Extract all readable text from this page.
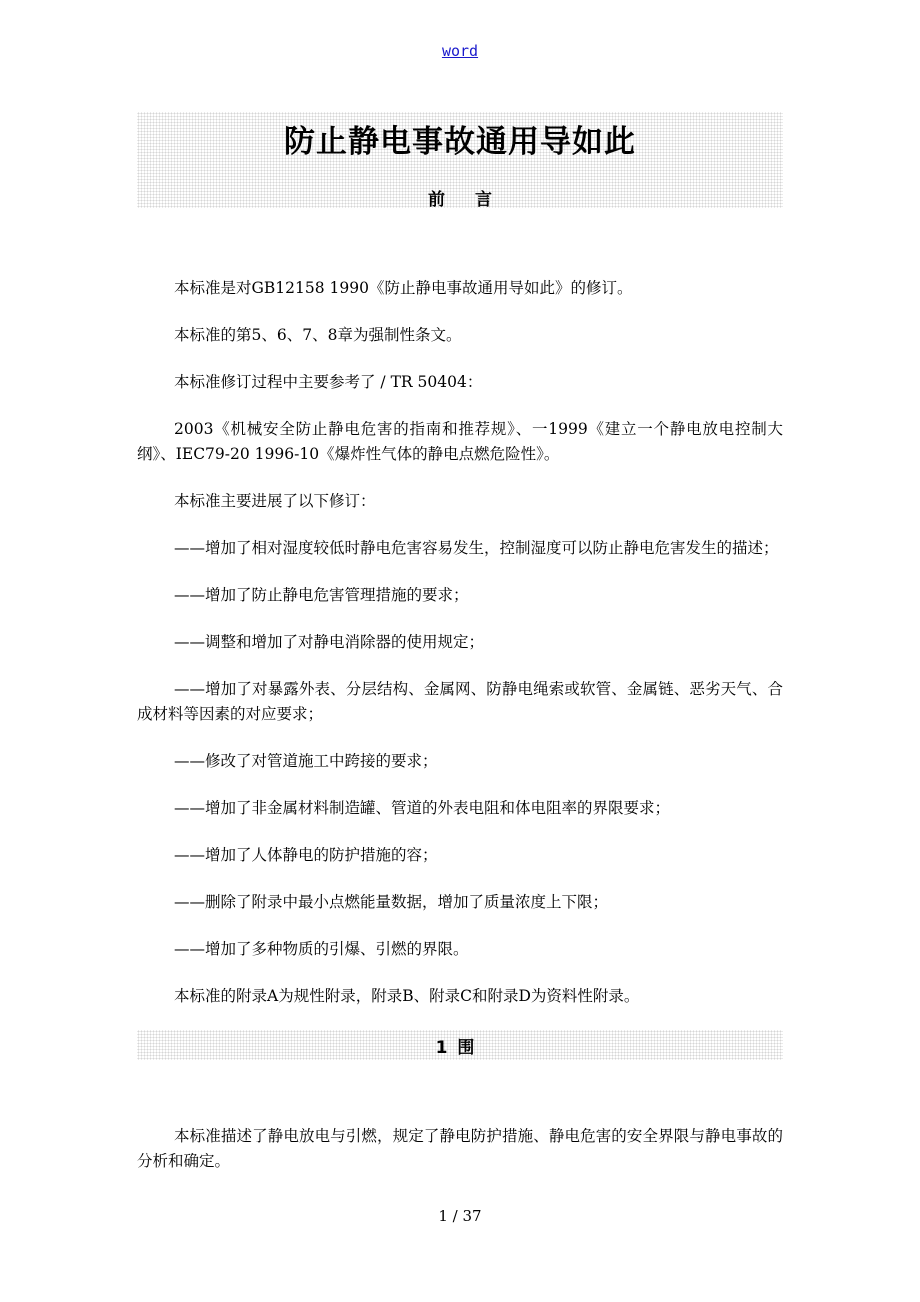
word
防止静电事故通用导如此
前 言

本标准是对GB12158 1990《防止静电事故通用导如此》的修订。

本标准的第5、6、7、8章为强制性条文。

本标准修订过程中主要参考了 / TR 50404：

2003《机械安全防止静电危害的指南和推荐规》、一1999《建立一个静电放电控制大纲》、IEC79-20 1996-10《爆炸性气体的静电点燃危险性》。

本标准主要进展了以下修订：

——增加了相对湿度较低时静电危害容易发生，控制湿度可以防止静电危害发生的描述；

——增加了防止静电危害管理措施的要求；

——调整和增加了对静电消除器的使用规定；

——增加了对暴露外表、分层结构、金属网、防静电绳索或软管、金属链、恶劣天气、合成材料等因素的对应要求；

——修改了对管道施工中跨接的要求；

——增加了非金属材料制造罐、管道的外表电阻和体电阻率的界限要求；

——增加了人体静电的防护措施的容；

——删除了附录中最小点燃能量数据，增加了质量浓度上下限；

——增加了多种物质的引爆、引燃的界限。

本标准的附录A为规性附录，附录B、附录C和附录D为资料性附录。

1 围

本标准描述了静电放电与引燃，规定了静电防护措施、静电危害的安全界限与静电事故的分析和确定。

1 / 37
